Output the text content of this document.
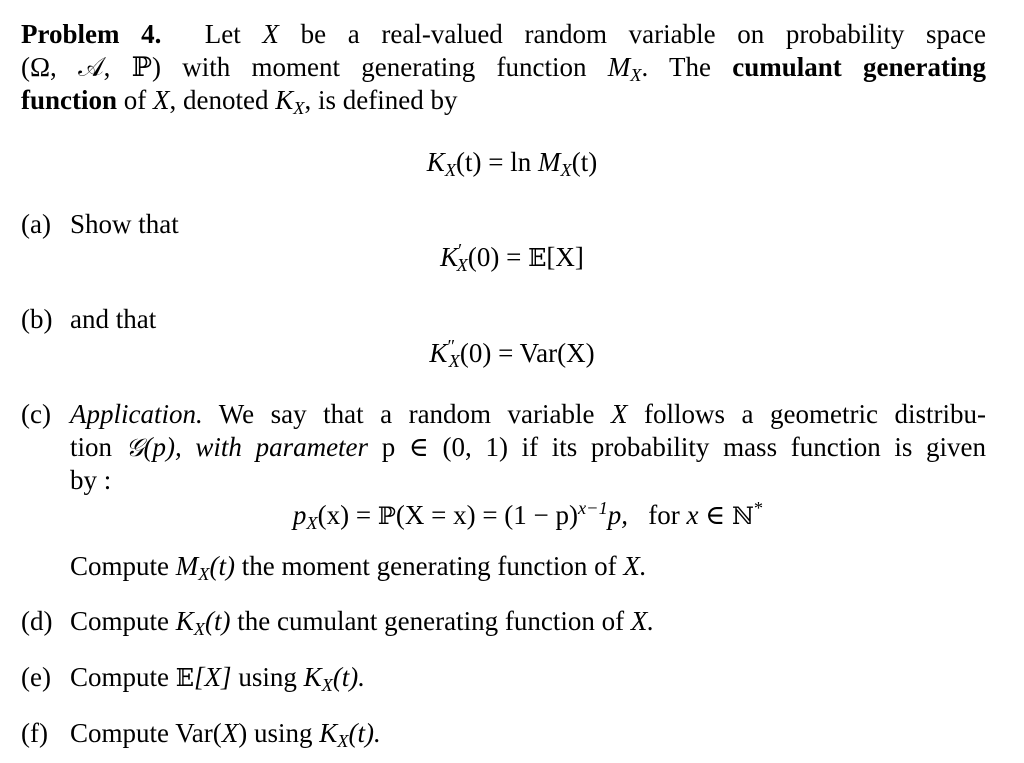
Problem 4. Let X be a real-valued random variable on probability space
(Ω, 𝒜, ℙ) with moment generating function $M_X$. The cumulant generating
function of X, denoted $K_X$, is defined by
$K_X(t) = \ln M_X(t)$
(a) Show that
$K'_X(0)$ = 𝔼[X]
(b) and that
$K''_X(0) = Var(X)$
(c) Application. We say that a random variable X follows a geometric distribu-
tion 𝒢(p), with parameter p ∈ (0, 1) if its probability mass function is given
by :
$p_X(x)$ = ℙ(X = $x) = (1 - p)^{x-1}p$, for x ∈ ℕ*
Compute $M_X(t)$ the moment generating function of X.
(d) Compute $K_X(t)$ the cumulant generating function of X.
(e) Compute 𝔼[X] using $K_X(t)$.
(f) Compute Var(X) using $K_X(t)$.
